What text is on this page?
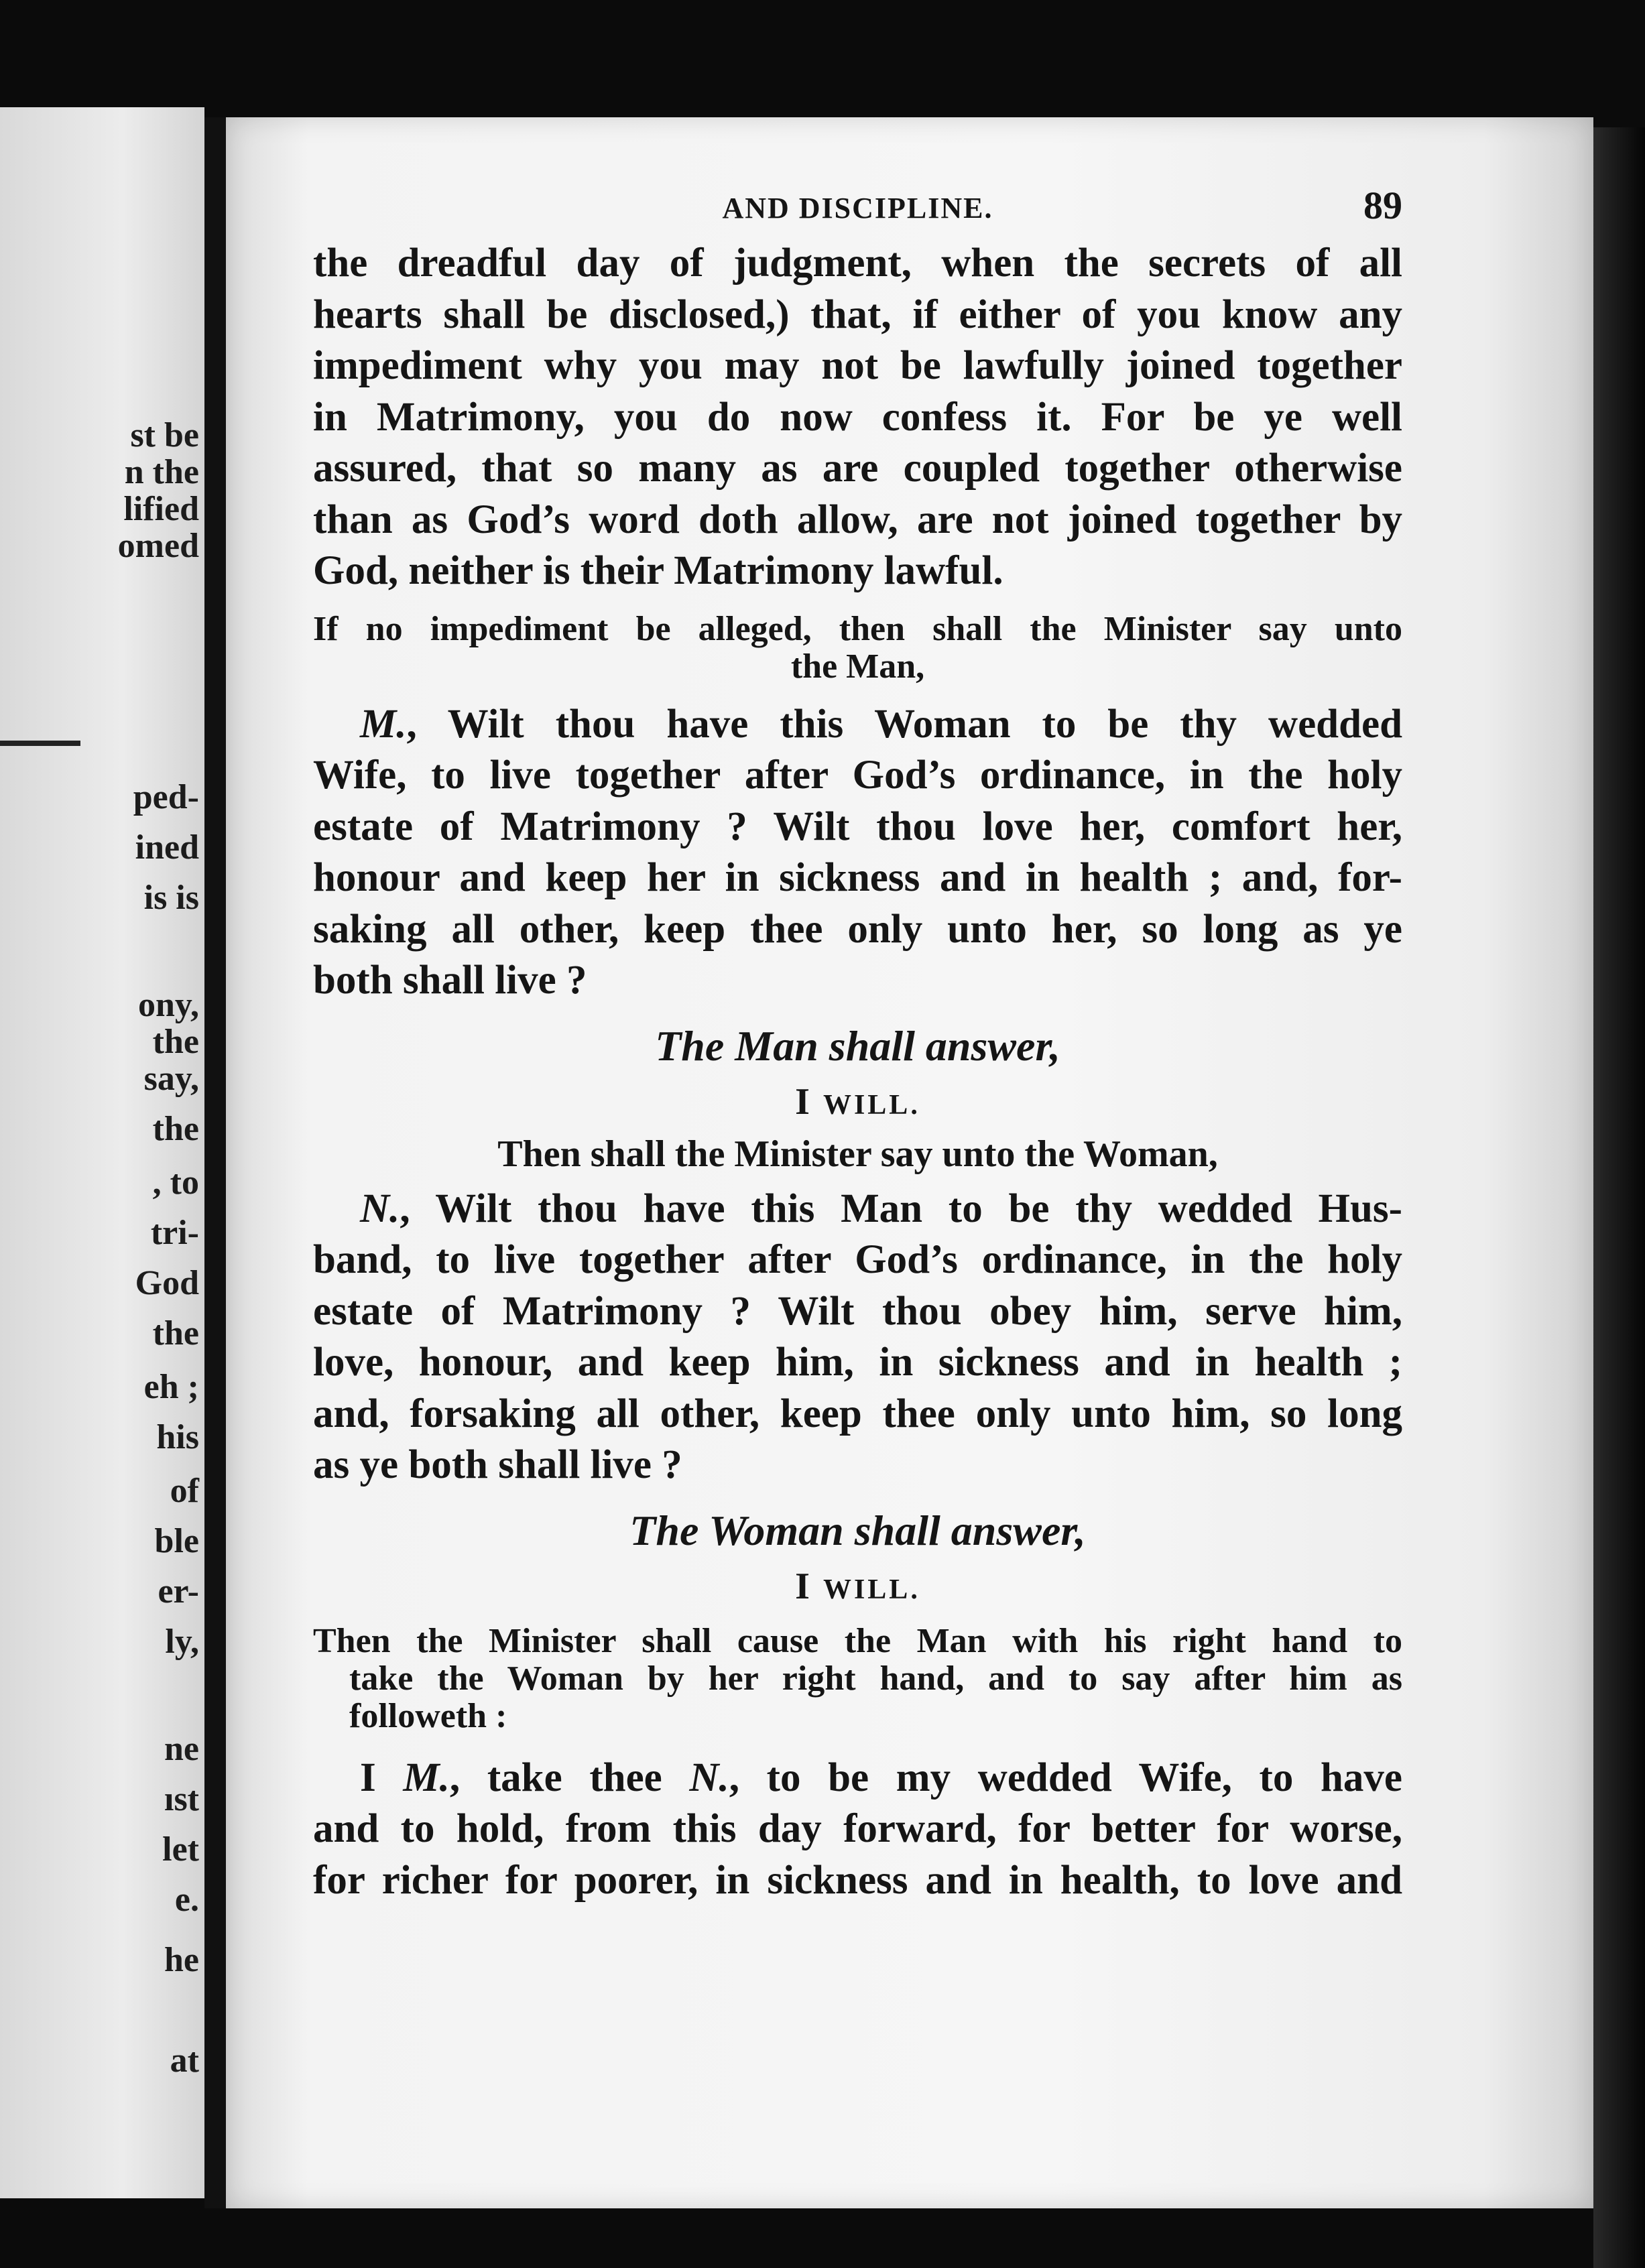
st be
n the
lified
omed
ped-
ined
is is
ony,
the
say,
the
, to
tri-
God
the
eh ;
his
of
ble
er-
ly,
ne
ıst
let
e.
he
at
AND DISCIPLINE.	89

the dreadful day of judgment, when the secrets of all
hearts shall be disclosed,) that, if either of you know any
impediment why you may not be lawfully joined together
in Matrimony, you do now confess it. For be ye well
assured, that so many as are coupled together otherwise
than as God’s word doth allow, are not joined together by
God, neither is their Matrimony lawful.

If no impediment be alleged, then shall the Minister say unto
the Man,

M., Wilt thou have this Woman to be thy wedded
Wife, to live together after God’s ordinance, in the holy
estate of Matrimony ? Wilt thou love her, comfort her,
honour and keep her in sickness and in health ; and, for-
saking all other, keep thee only unto her, so long as ye
both shall live ?

The Man shall answer,

I WILL.

Then shall the Minister say unto the Woman,

N., Wilt thou have this Man to be thy wedded Hus-
band, to live together after God’s ordinance, in the holy
estate of Matrimony ? Wilt thou obey him, serve him,
love, honour, and keep him, in sickness and in health ;
and, forsaking all other, keep thee only unto him, so long
as ye both shall live ?

The Woman shall answer,

I WILL.

Then the Minister shall cause the Man with his right hand to
take the Woman by her right hand, and to say after him as
followeth :

I M., take thee N., to be my wedded Wife, to have
and to hold, from this day forward, for better for worse,
for richer for poorer, in sickness and in health, to love and
